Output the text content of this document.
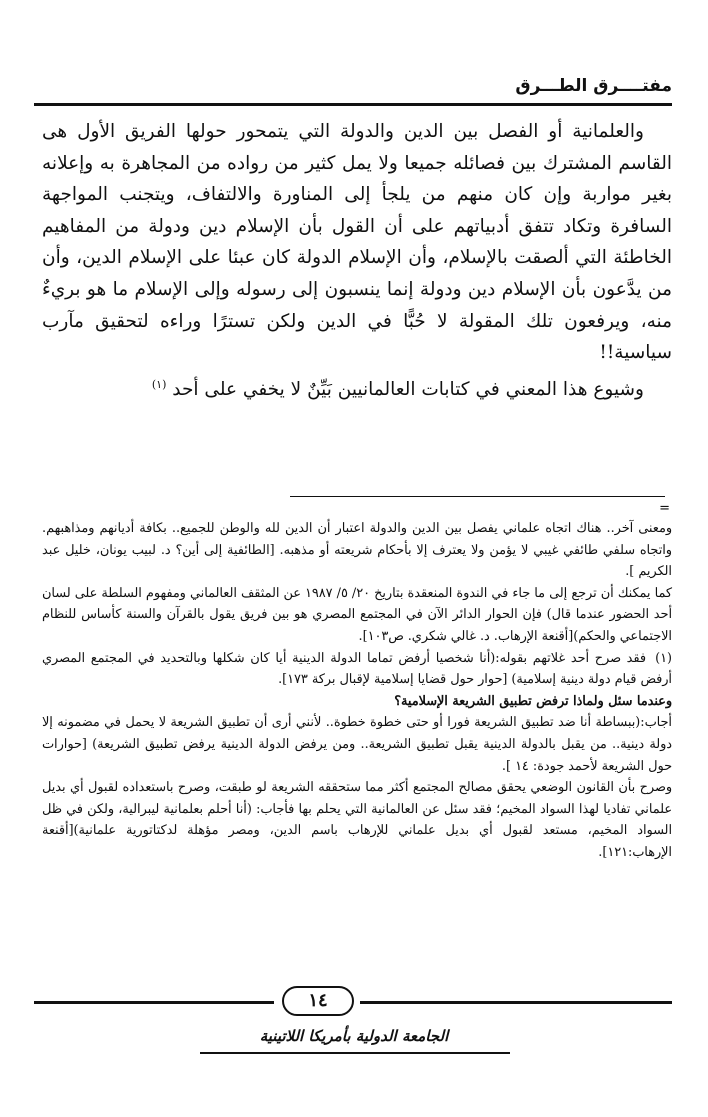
مفتــــرق الطـــرق

والعلمانية أو الفصل بين الدين والدولة التي يتمحور حولها الفريق الأول هى القاسم المشترك بين فصائله جميعا ولا يمل كثير من رواده من المجاهرة به وإعلانه بغير مواربة وإن كان منهم من يلجأ إلى المناورة والالتفاف، ويتجنب المواجهة السافرة وتكاد تتفق أدبياتهم على أن القول بأن الإسلام دين ودولة من المفاهيم الخاطئة التي ألصقت بالإسلام، وأن الإسلام الدولة كان عبئا على الإسلام الدين، وأن من يدَّعون بأن الإسلام دين ودولة إنما ينسبون إلى رسوله وإلى الإسلام ما هو بريءٌ منه، ويرفعون تلك المقولة لا حُبًّا في الدين ولكن تسترًا وراءه لتحقيق مآرب سياسية!!

وشيوع هذا المعني في كتابات العالمانيين بَيِّنٌ لا يخفي على أحد $^{(١)}$

=

ومعنى آخر.. هناك اتجاه علماني يفصل بين الدين والدولة اعتبار أن الدين لله والوطن للجميع.. بكافة أديانهم ومذاهبهم. واتجاه سلفي طائفي غيبي لا يؤمن ولا يعترف إلا بأحكام شريعته أو مذهبه. [الطائفية إلى أين؟ د. لبيب يونان، خليل عبد الكريم ].

كما يمكنك أن ترجع إلى ما جاء في الندوة المنعقدة بتاريخ ٢٠/ ٥/ ١٩٨٧ عن المثقف العالماني ومفهوم السلطة على لسان أحد الحضور عندما قال) فإن الحوار الدائر الآن في المجتمع المصري هو بين فريق يقول بالقرآن والسنة كأساس للنظام الاجتماعي والحكم)[أقنعة الإرهاب. د. غالي شكري. ص١٠٣].

(١)فقد صرح أحد غلاتهم بقوله:(أنا شخصيا أرفض تماما الدولة الدينية أيا كان شكلها وبالتحديد في المجتمع المصري أرفض قيام دولة دينية إسلامية) [حوار حول قضايا إسلامية لإقبال بركة ١٧٣].

وعندما سئل ولماذا ترفض تطبيق الشريعة الإسلامية؟

أجاب:(ببساطة أنا ضد تطبيق الشريعة فورا أو حتى خطوة خطوة.. لأنني أرى أن تطبيق الشريعة لا يحمل في مضمونه إلا دولة دينية.. من يقبل بالدولة الدينية يقبل تطبيق الشريعة.. ومن يرفض الدولة الدينية يرفض تطبيق الشريعة) [حوارات حول الشريعة لأحمد جودة: ١٤ ].

وصرح بأن القانون الوضعي يحقق مصالح المجتمع أكثر مما ستحققه الشريعة لو طبقت، وصرح باستعداده لقبول أي بديل علماني تفاديا لهذا السواد المخيم؛ فقد سئل عن العالمانية التي يحلم بها فأجاب: (أنا أحلم بعلمانية ليبرالية، ولكن في ظل السواد المخيم، مستعد لقبول أي بديل علماني للإرهاب باسم الدين، ومصر مؤهلة لدكتاتورية علمانية)[أقنعة الإرهاب:١٢١].

١٤
الجامعة الدولية بأمريكا اللاتينية
